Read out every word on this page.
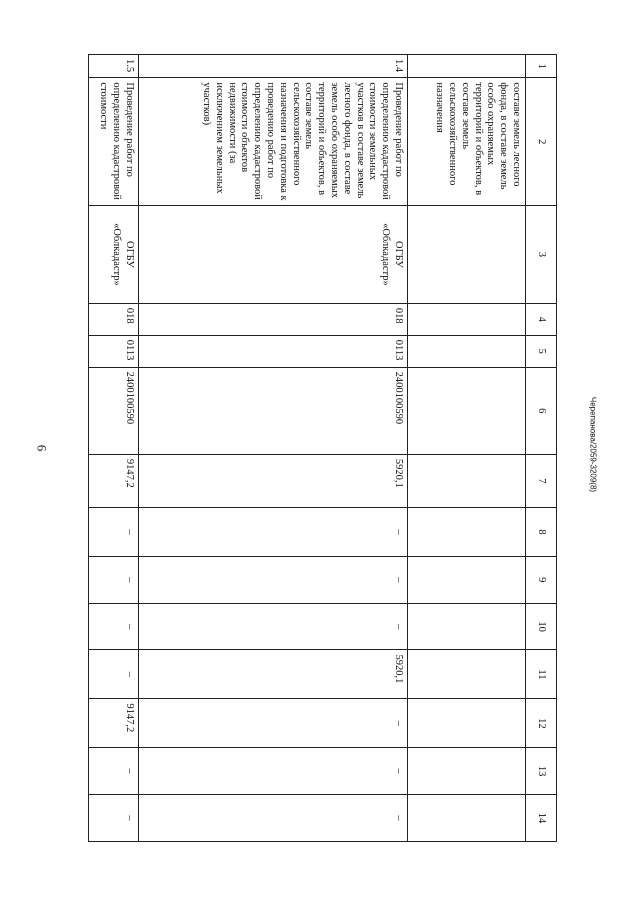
6	Черепанова/2059-3209(8)
1	2	3	4	5	6	7	8	9	10	11	12	13	14
	составе земель лесного фонда, в составе земель особо охраняемых территорий и объектов, в составе земель сельскохозяйственного назначения												
1.4	Проведение работ по определению кадастровой стоимости земельных участков в составе земель лесного фонда, в составе земель особо охраняемых территорий и объектов, в составе земель сельскохозяйственного назначения и подготовка к проведению работ по определению кадастровой стоимости объектов недвижимости (за исключением земельных участков)	ОГБУ «Облкадастр»	018	0113	2400100590	5920,1	–	–	–	5920,1	–	–	–
1.5	Проведение работ по определению кадастровой стоимости	ОГБУ «Облкадастр»	018	0113	2400100590	9147,2	–	–	–	–	9147,2	–	–
